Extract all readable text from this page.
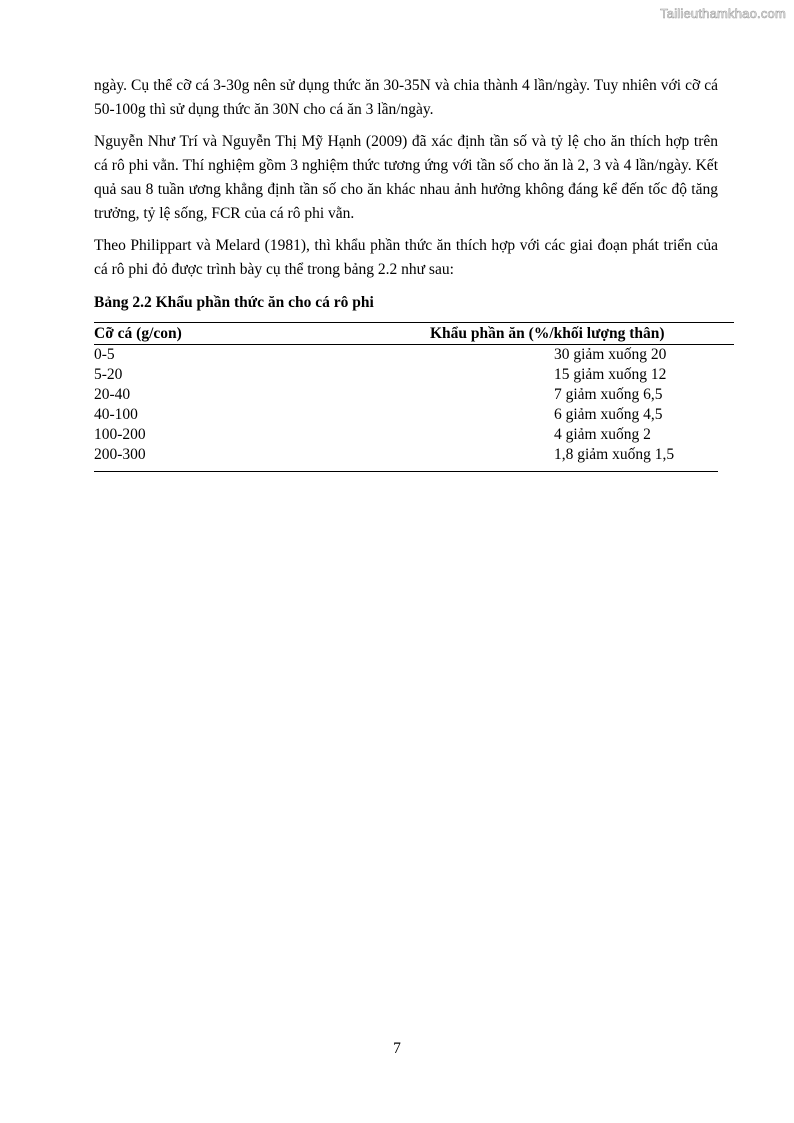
Tailieuthamkhao.com

ngày. Cụ thể cỡ cá 3-30g nên sử dụng thức ăn 30-35N và chia thành 4 lần/ngày. Tuy nhiên với cỡ cá 50-100g thì sử dụng thức ăn 30N cho cá ăn 3 lần/ngày.

Nguyễn Như Trí và Nguyễn Thị Mỹ Hạnh (2009) đã xác định tần số và tỷ lệ cho ăn thích hợp trên cá rô phi vằn. Thí nghiệm gồm 3 nghiệm thức tương ứng với tần số cho ăn là 2, 3 và 4 lần/ngày. Kết quả sau 8 tuần ương khẳng định tần số cho ăn khác nhau ảnh hưởng không đáng kể đến tốc độ tăng trưởng, tỷ lệ sống, FCR của cá rô phi vằn.

Theo Philippart và Melard (1981), thì khẩu phần thức ăn thích hợp với các giai đoạn phát triển của cá rô phi đỏ được trình bày cụ thể trong bảng 2.2 như sau:

Bảng 2.2 Khẩu phần thức ăn cho cá rô phi
Cỡ cá (g/con)	Khẩu phần ăn (%/khối lượng thân)
0-5	30 giảm xuống 20
5-20	15 giảm xuống 12
20-40	7 giảm xuống 6,5
40-100	6 giảm xuống 4,5
100-200	4 giảm xuống 2
200-300	1,8 giảm xuống 1,5
7
